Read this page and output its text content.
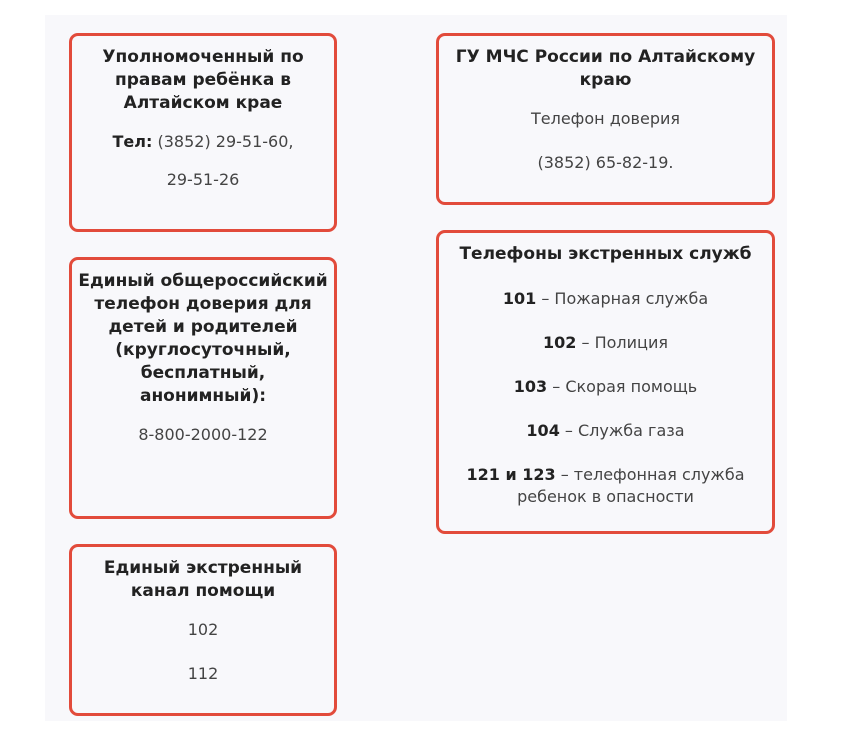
Уполномоченный по правам ребёнка в Алтайском крае

Тел: (3852) 29-51-60,

29-51-26

Единый общероссийский телефон доверия для детей и родителей (круглосуточный, бесплатный, анонимный):

8-800-2000-122

Единый экстренный канал помощи

102

112

ГУ МЧС России по Алтайскому краю

Телефон доверия

(3852) 65-82-19.

Телефоны экстренных служб

101 – Пожарная служба

102 – Полиция

103 – Скорая помощь

104 – Служба газа

121 и 123 – телефонная служба ребенок в опасности
